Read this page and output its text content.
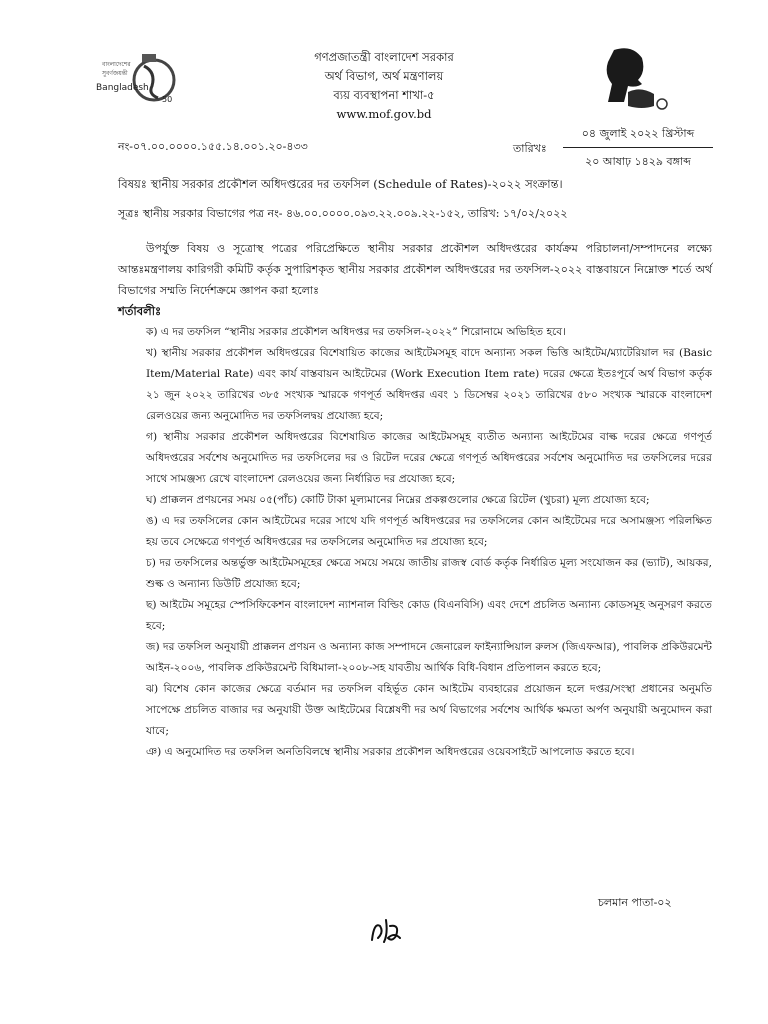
বাংলাদেশের
সুবর্ণজয়ন্তী
Bangladesh
50
গণপ্রজাতন্ত্রী বাংলাদেশ সরকার
অর্থ বিভাগ, অর্থ মন্ত্রণালয়
ব্যয় ব্যবস্থাপনা শাখা-৫
www.mof.gov.bd
নং-০৭.০০.০০০০.১৫৫.১৪.০০১.২০-৪৩৩	তারিখঃ
০৪ জুলাই ২০২২ খ্রিস্টাব্দ
২০ আষাঢ় ১৪২৯ বঙ্গাব্দ
বিষয়ঃ স্থানীয় সরকার প্রকৌশল অধিদপ্তরের দর তফসিল (Schedule of Rates)-২০২২ সংক্রান্ত।
সূত্রঃ স্থানীয় সরকার বিভাগের পত্র নং- ৪৬.০০.০০০০.০৯৩.২২.০০৯.২২-১৫২, তারিখ: ১৭/০২/২০২২
উপর্যুক্ত বিষয় ও সূত্রোস্থ পত্রের পরিপ্রেক্ষিতে স্থানীয় সরকার প্রকৌশল অধিদপ্তরের কার্যক্রম পরিচালনা/সম্পাদনের লক্ষ্যে আন্তঃমন্ত্রণালয় কারিগরী কমিটি কর্তৃক সুপারিশকৃত স্থানীয় সরকার প্রকৌশল অধিদপ্তরের দর তফসিল-২০২২ বাস্তবায়নে নিম্নোক্ত শর্তে অর্থ বিভাগের সম্মতি নির্দেশক্রমে জ্ঞাপন করা হলোঃ
শর্তাবলীঃ

ক) এ দর তফসিল “স্থানীয় সরকার প্রকৌশল অধিদপ্তর দর তফসিল-২০২২” শিরোনামে অভিহিত হবে।

খ) স্থানীয় সরকার প্রকৌশল অধিদপ্তরের বিশেষায়িত কাজের আইটেমসমূহ বাদে অন্যান্য সকল ভিত্তি আইটেম/ম্যাটেরিয়াল দর (Basic Item/Material Rate) এবং কার্য বাস্তবায়ন আইটেমের (Work Execution Item rate) দরের ক্ষেত্রে ইতঃপূর্বে অর্থ বিভাগ কর্তৃক ২১ জুন ২০২২ তারিখের ৩৮৫ সংখ্যক স্মারকে গণপূর্ত অধিদপ্তর এবং ১ ডিসেম্বর ২০২১ তারিখের ৫৮০ সংখ্যক স্মারকে বাংলাদেশ রেলওয়ের জন্য অনুমোদিত দর তফসিলদ্বয় প্রযোজ্য হবে;

গ) স্থানীয় সরকার প্রকৌশল অধিদপ্তরের বিশেষায়িত কাজের আইটেমসমূহ ব্যতীত অন্যান্য আইটেমের বাল্ক দরের ক্ষেত্রে গণপূর্ত অধিদপ্তরের সর্বশেষ অনুমোদিত দর তফসিলের দর ও রিটেল দরের ক্ষেত্রে গণপূর্ত অধিদপ্তরের সর্বশেষ অনুমোদিত দর তফসিলের দরের সাথে সামঞ্জস্য রেখে বাংলাদেশ রেলওয়ের জন্য নির্ধারিত দর প্রযোজ্য হবে;

ঘ) প্রাক্কলন প্রণয়নের সময় ০৫(পাঁচ) কোটি টাকা মূল্যমানের নিম্নের প্রকল্পগুলোর ক্ষেত্রে রিটেল (খুচরা) মূল্য প্রযোজ্য হবে;

ঙ) এ দর তফসিলের কোন আইটেমের দরের সাথে যদি গণপূর্ত অধিদপ্তরের দর তফসিলের কোন আইটেমের দরে অসামঞ্জস্য পরিলক্ষিত হয় তবে সেক্ষেত্রে গণপূর্ত অধিদপ্তরের দর তফসিলের অনুমোদিত দর প্রযোজ্য হবে;

চ) দর তফসিলের অন্তর্ভুক্ত আইটেমসমূহের ক্ষেত্রে সময়ে সময়ে জাতীয় রাজস্ব বোর্ড কর্তৃক নির্ধারিত মূল্য সংযোজন কর (ভ্যাট), আয়কর, শুল্ক ও অন্যান্য ডিউটি প্রযোজ্য হবে;

ছ) আইটেম সমূহের স্পেসিফিকেশন বাংলাদেশ ন্যাশনাল বিল্ডিং কোড (বিএনবিসি) এবং দেশে প্রচলিত অন্যান্য কোডসমূহ অনুসরণ করতে হবে;

জ) দর তফসিল অনুযায়ী প্রাক্কলন প্রণয়ন ও অন্যান্য কাজ সম্পাদনে জেনারেল ফাইন্যান্সিয়াল রুলস (জিএফআর), পাবলিক প্রকিউরমেন্ট আইন-২০০৬, পাবলিক প্রকিউরমেন্ট বিধিমালা-২০০৮-সহ যাবতীয় আর্থিক বিধি-বিধান প্রতিপালন করতে হবে;

ঝ) বিশেষ কোন কাজের ক্ষেত্রে বর্তমান দর তফসিল বহির্ভূত কোন আইটেম ব্যবহারের প্রয়োজন হলে দপ্তর/সংস্থা প্রধানের অনুমতি সাপেক্ষে প্রচলিত বাজার দর অনুযায়ী উক্ত আইটেমের বিশ্লেষণী দর অর্থ বিভাগের সর্বশেষ আর্থিক ক্ষমতা অর্পণ অনুযায়ী অনুমোদন করা যাবে;

ঞ) এ অনুমোদিত দর তফসিল অনতিবিলম্বে স্থানীয় সরকার প্রকৌশল অধিদপ্তরের ওয়েবসাইটে আপলোড করতে হবে।

চলমান পাতা-০২
